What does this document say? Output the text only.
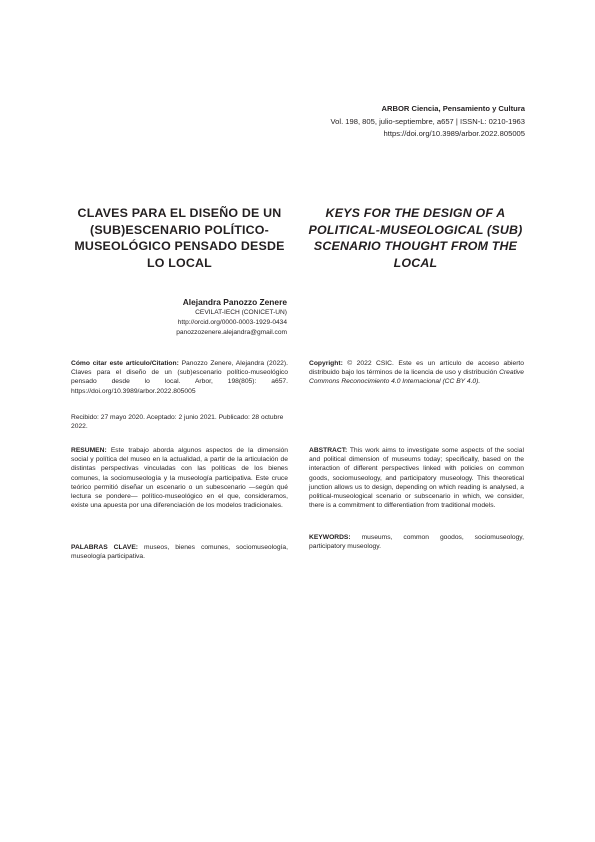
ARBOR Ciencia, Pensamiento y Cultura
Vol. 198, 805, julio-septiembre, a657 | ISSN-L: 0210-1963
https://doi.org/10.3989/arbor.2022.805005
CLAVES PARA EL DISEÑO DE UN (SUB)ESCENARIO POLÍTICO-MUSEOLÓGICO PENSADO DESDE LO LOCAL
KEYS FOR THE DESIGN OF A POLITICAL-MUSEOLOGICAL (SUB) SCENARIO THOUGHT FROM THE LOCAL
Alejandra Panozzo Zenere
CEVILAT-IECH (CONICET-UN)
http://orcid.org/0000-0003-1929-0434
panozzozenere.alejandra@gmail.com
Cómo citar este artículo/Citation: Panozzo Zenere, Alejandra (2022). Claves para el diseño de un (sub)escenario político-museológico pensado desde lo local. Arbor, 198(805): a657. https://doi.org/10.3989/arbor.2022.805005
Copyright: © 2022 CSIC. Este es un artículo de acceso abierto distribuido bajo los términos de la licencia de uso y distribución Creative Commons Reconocimiento 4.0 Internacional (CC BY 4.0).
Recibido: 27 mayo 2020. Aceptado: 2 junio 2021. Publicado: 28 octubre 2022.
RESUMEN: Este trabajo aborda algunos aspectos de la dimensión social y política del museo en la actualidad, a partir de la articulación de distintas perspectivas vinculadas con las políticas de los bienes comunes, la sociomuseología y la museología participativa. Este cruce teórico permitió diseñar un escenario o un subescenario —según qué lectura se pondere— político-museológico en el que, consideramos, existe una apuesta por una diferenciación de los modelos tradicionales.
ABSTRACT: This work aims to investigate some aspects of the social and political dimension of museums today; specifically, based on the interaction of different perspectives linked with policies on common goods, sociomuseology, and participatory museology. This theoretical junction allows us to design, depending on which reading is analysed, a political-museological scenario or subscenario in which, we consider, there is a commitment to differentiation from traditional models.
PALABRAS CLAVE: museos, bienes comunes, sociomuseología, museología participativa.
KEYWORDS: museums, common goodos, sociomuseology, participatory museology.
